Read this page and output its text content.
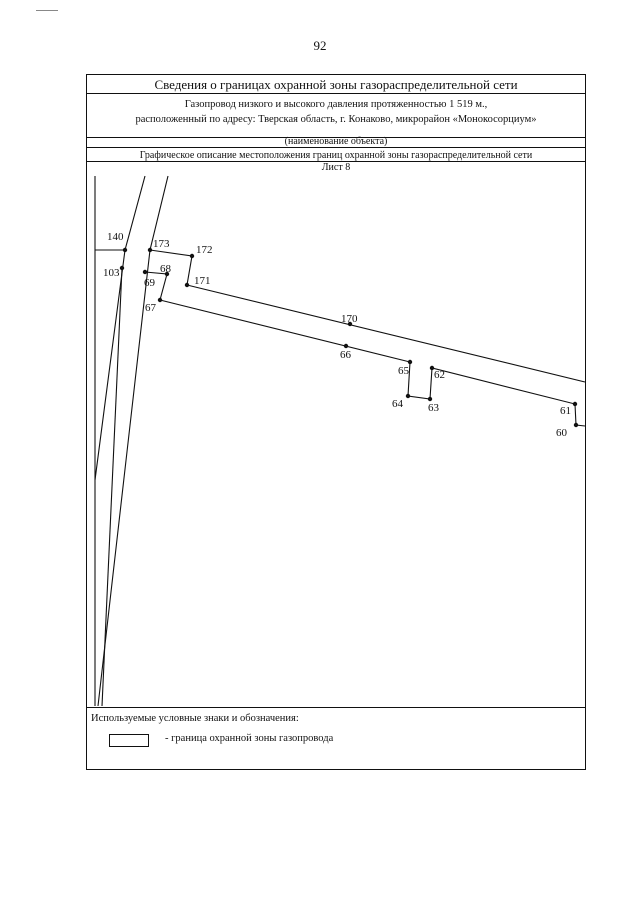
92
Сведения о границах охранной зоны газораспределительной сети
Газопровод низкого и высокого давления протяженностью 1 519 м.,
расположенный по адресу: Тверская область, г. Конаково, микрорайон «Монокосорциум»
(наименование объекта)
Графическое описание местоположения границ охранной зоны газораспределительной сети
Лист 8
Используемые условные знаки и обозначения:
- граница охранной зоны газопровода
140
173 172
103	68
69	171
67
170
66
65 62
64 63	61
60
